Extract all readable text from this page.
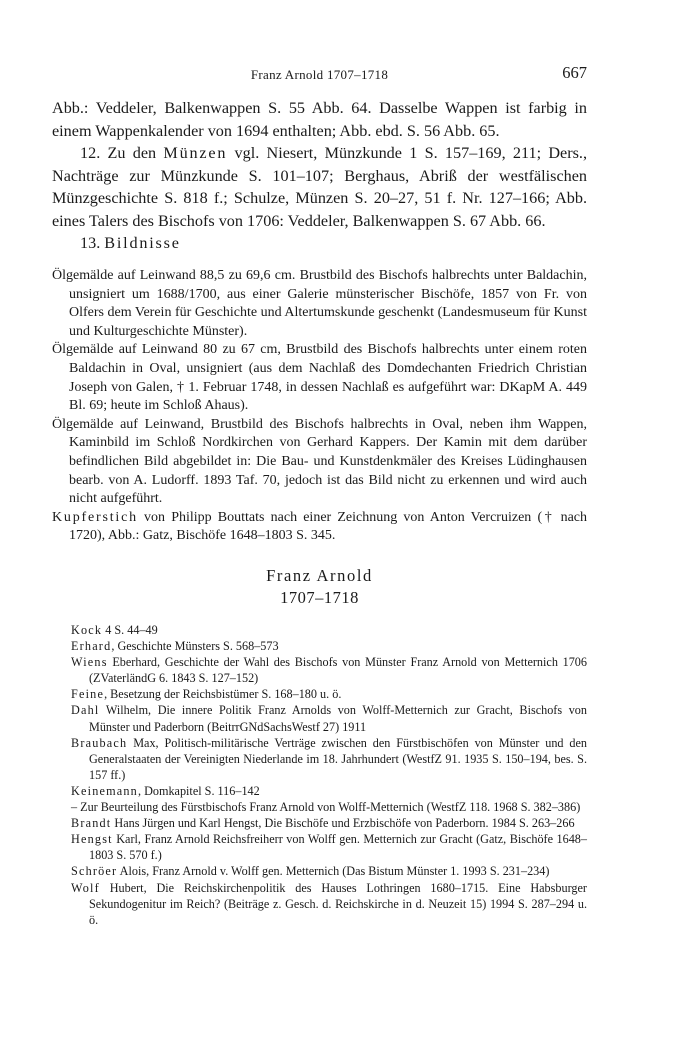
Franz Arnold 1707–1718	667

Abb.: Veddeler, Balkenwappen S. 55 Abb. 64. Dasselbe Wappen ist farbig in einem Wappenkalender von 1694 enthalten; Abb. ebd. S. 56 Abb. 65.

12. Zu den Münzen vgl. Niesert, Münzkunde 1 S. 157–169, 211; Ders., Nachträge zur Münzkunde S. 101–107; Berghaus, Abriß der westfälischen Münzgeschichte S. 818 f.; Schulze, Münzen S. 20–27, 51 f. Nr. 127–166; Abb. eines Talers des Bischofs von 1706: Veddeler, Balkenwappen S. 67 Abb. 66.

13. Bildnisse

Ölgemälde auf Leinwand 88,5 zu 69,6 cm. Brustbild des Bischofs halbrechts unter Baldachin, unsigniert um 1688/1700, aus einer Galerie münsterischer Bischöfe, 1857 von Fr. von Olfers dem Verein für Geschichte und Altertumskunde geschenkt (Landesmuseum für Kunst und Kulturgeschichte Münster).

Ölgemälde auf Leinwand 80 zu 67 cm, Brustbild des Bischofs halbrechts unter einem roten Baldachin in Oval, unsigniert (aus dem Nachlaß des Domdechanten Friedrich Christian Joseph von Galen, † 1. Februar 1748, in dessen Nachlaß es aufgeführt war: DKapM A. 449 Bl. 69; heute im Schloß Ahaus).

Ölgemälde auf Leinwand, Brustbild des Bischofs halbrechts in Oval, neben ihm Wappen, Kaminbild im Schloß Nordkirchen von Gerhard Kappers. Der Kamin mit dem darüber befindlichen Bild abgebildet in: Die Bau- und Kunstdenkmäler des Kreises Lüdinghausen bearb. von A. Ludorff. 1893 Taf. 70, jedoch ist das Bild nicht zu erkennen und wird auch nicht aufgeführt.

Kupferstich von Philipp Bouttats nach einer Zeichnung von Anton Vercruizen († nach 1720), Abb.: Gatz, Bischöfe 1648–1803 S. 345.

Franz Arnold
1707–1718

Kock 4 S. 44–49

Erhard, Geschichte Münsters S. 568–573

Wiens Eberhard, Geschichte der Wahl des Bischofs von Münster Franz Arnold von Metternich 1706 (ZVaterländG 6. 1843 S. 127–152)

Feine, Besetzung der Reichsbistümer S. 168–180 u. ö.

Dahl Wilhelm, Die innere Politik Franz Arnolds von Wolff-Metternich zur Gracht, Bischofs von Münster und Paderborn (BeitrrGNdSachsWestf 27) 1911

Braubach Max, Politisch-militärische Verträge zwischen den Fürstbischöfen von Münster und den Generalstaaten der Vereinigten Niederlande im 18. Jahrhundert (WestfZ 91. 1935 S. 150–194, bes. S. 157 ff.)

Keinemann, Domkapitel S. 116–142

– Zur Beurteilung des Fürstbischofs Franz Arnold von Wolff-Metternich (WestfZ 118. 1968 S. 382–386)

Brandt Hans Jürgen und Karl Hengst, Die Bischöfe und Erzbischöfe von Paderborn. 1984 S. 263–266

Hengst Karl, Franz Arnold Reichsfreiherr von Wolff gen. Metternich zur Gracht (Gatz, Bischöfe 1648–1803 S. 570 f.)

Schröer Alois, Franz Arnold v. Wolff gen. Metternich (Das Bistum Münster 1. 1993 S. 231–234)

Wolf Hubert, Die Reichskirchenpolitik des Hauses Lothringen 1680–1715. Eine Habsburger Sekundogenitur im Reich? (Beiträge z. Gesch. d. Reichskirche in d. Neuzeit 15) 1994 S. 287–294 u. ö.
